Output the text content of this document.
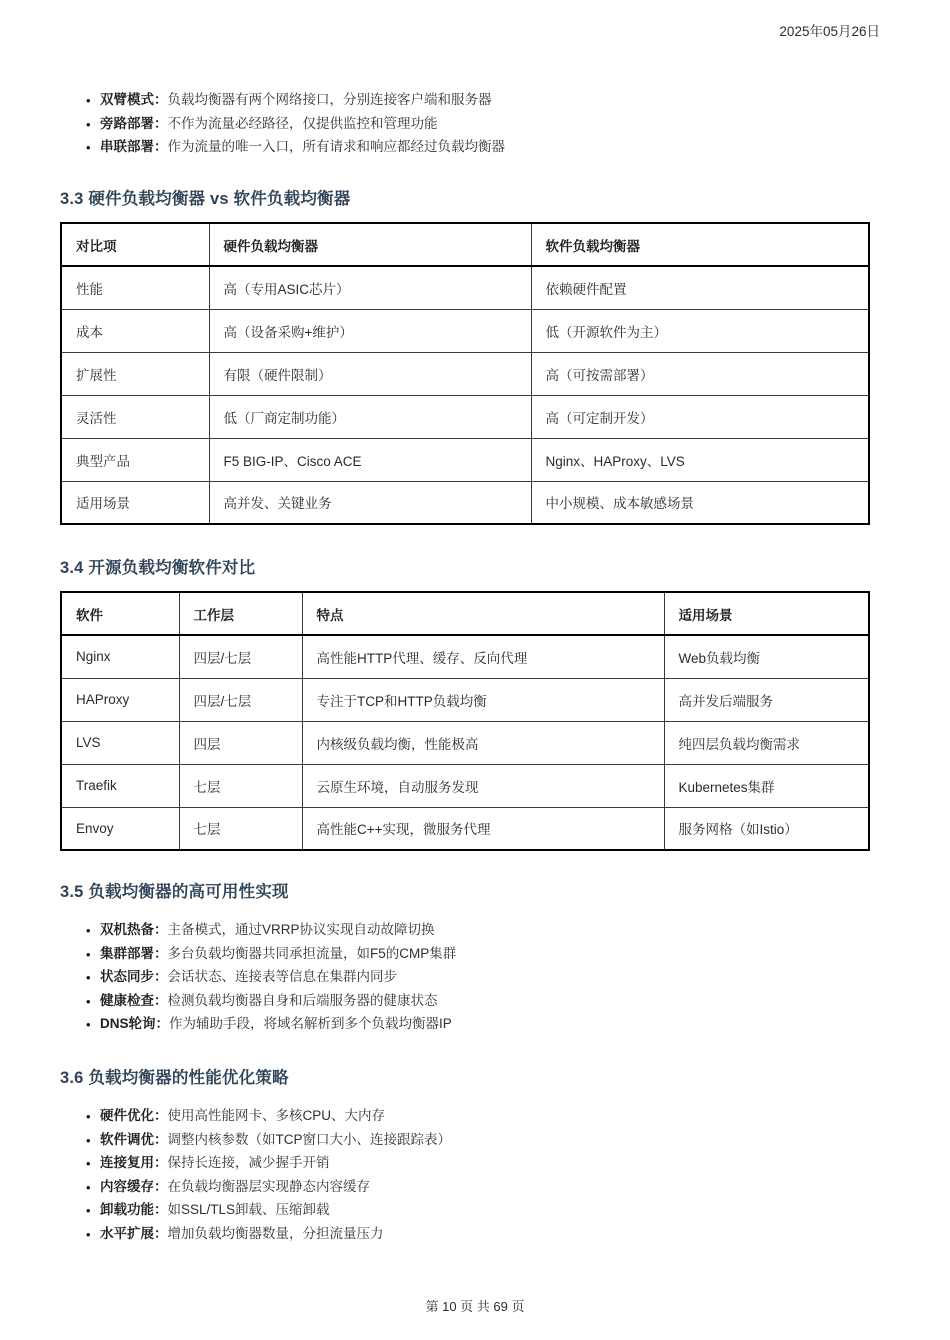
2025年05月26日
• 双臂模式：负载均衡器有两个网络接口，分别连接客户端和服务器
• 旁路部署：不作为流量必经路径，仅提供监控和管理功能
• 串联部署：作为流量的唯一入口，所有请求和响应都经过负载均衡器
3.3 硬件负载均衡器 vs 软件负载均衡器
对比项	硬件负载均衡器	软件负载均衡器
性能	高（专用ASIC芯片）	依赖硬件配置
成本	高（设备采购+维护）	低（开源软件为主）
扩展性	有限（硬件限制）	高（可按需部署）
灵活性	低（厂商定制功能）	高（可定制开发）
典型产品	F5 BIG-IP、Cisco ACE	Nginx、HAProxy、LVS
适用场景	高并发、关键业务	中小规模、成本敏感场景
3.4 开源负载均衡软件对比
软件	工作层	特点	适用场景
Nginx	四层/七层	高性能HTTP代理、缓存、反向代理	Web负载均衡
HAProxy	四层/七层	专注于TCP和HTTP负载均衡	高并发后端服务
LVS	四层	内核级负载均衡，性能极高	纯四层负载均衡需求
Traefik	七层	云原生环境，自动服务发现	Kubernetes集群
Envoy	七层	高性能C++实现，微服务代理	服务网格（如Istio）
3.5 负载均衡器的高可用性实现
• 双机热备：主备模式，通过VRRP协议实现自动故障切换
• 集群部署：多台负载均衡器共同承担流量，如F5的CMP集群
• 状态同步：会话状态、连接表等信息在集群内同步
• 健康检查：检测负载均衡器自身和后端服务器的健康状态
• DNS轮询：作为辅助手段，将域名解析到多个负载均衡器IP
3.6 负载均衡器的性能优化策略
• 硬件优化：使用高性能网卡、多核CPU、大内存
• 软件调优：调整内核参数（如TCP窗口大小、连接跟踪表）
• 连接复用：保持长连接，减少握手开销
• 内容缓存：在负载均衡器层实现静态内容缓存
• 卸载功能：如SSL/TLS卸载、压缩卸载
• 水平扩展：增加负载均衡器数量，分担流量压力
第 10 页 共 69 页
